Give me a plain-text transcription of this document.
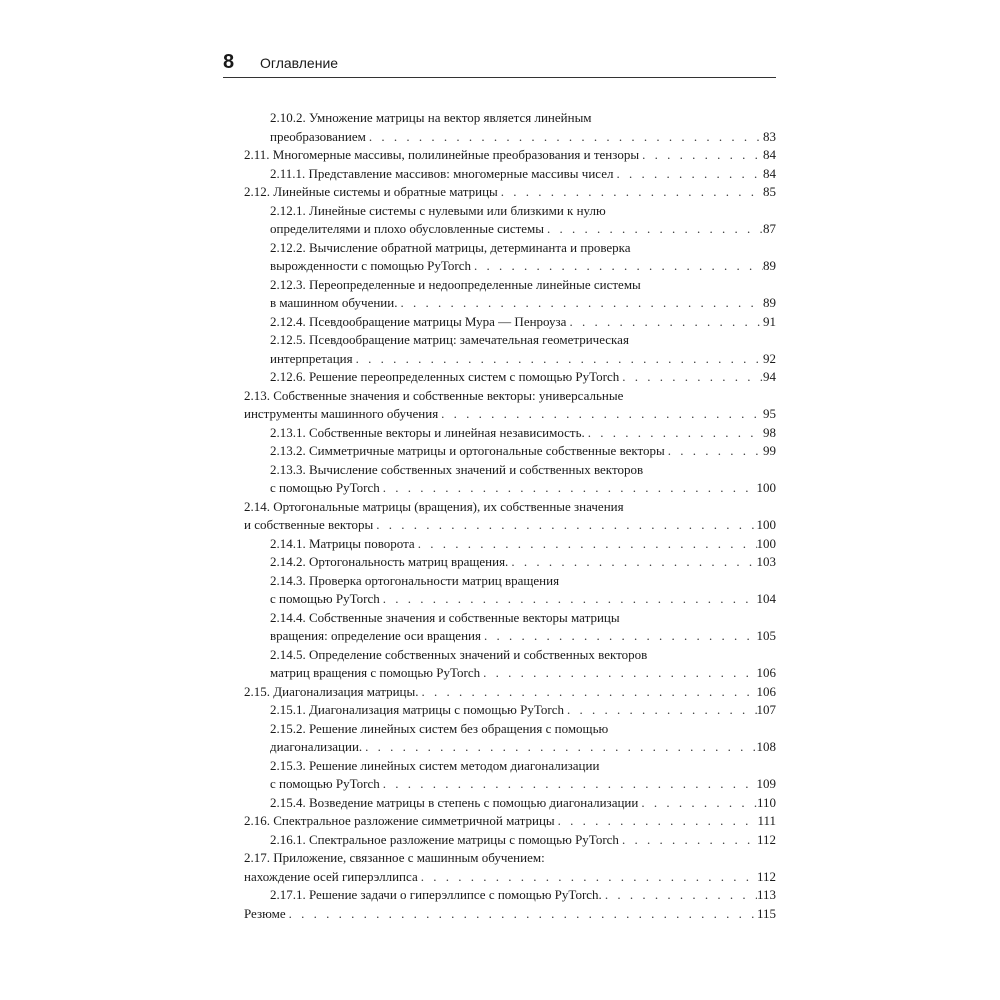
8 Оглавление
2.10.2. Умножение матрицы на вектор является линейным
преобразованием . . .	83
2.11. Многомерные массивы, полилинейные преобразования и тензоры . . .	84
2.11.1. Представление массивов: многомерные массивы чисел . . .	84
2.12. Линейные системы и обратные матрицы . . .	85
2.12.1. Линейные системы с нулевыми или близкими к нулю
определителями и плохо обусловленные системы . . .	87
2.12.2. Вычисление обратной матрицы, детерминанта и проверка
вырожденности с помощью PyTorch . . .	89
2.12.3. Переопределенные и недоопределенные линейные системы
в машинном обучении. . . .	89
2.12.4. Псевдообращение матрицы Мура — Пенроуза . . .	91
2.12.5. Псевдообращение матриц: замечательная геометрическая
интерпретация . . .	92
2.12.6. Решение переопределенных систем с помощью PyTorch . . .	94
2.13. Собственные значения и собственные векторы: универсальные
инструменты машинного обучения . . .	95
2.13.1. Собственные векторы и линейная независимость. . . .	98
2.13.2. Симметричные матрицы и ортогональные собственные векторы . . .	99
2.13.3. Вычисление собственных значений и собственных векторов
с помощью PyTorch . . .	100
2.14. Ортогональные матрицы (вращения), их собственные значения
и собственные векторы . . .	100
2.14.1. Матрицы поворота . . .	100
2.14.2. Ортогональность матриц вращения. . . .	103
2.14.3. Проверка ортогональности матриц вращения
с помощью PyTorch . . .	104
2.14.4. Собственные значения и собственные векторы матрицы
вращения: определение оси вращения . . .	105
2.14.5. Определение собственных значений и собственных векторов
матриц вращения с помощью PyTorch . . .	106
2.15. Диагонализация матрицы. . . .	106
2.15.1. Диагонализация матрицы с помощью PyTorch . . .	107
2.15.2. Решение линейных систем без обращения с помощью
диагонализации. . . .	108
2.15.3. Решение линейных систем методом диагонализации
с помощью PyTorch . . .	109
2.15.4. Возведение матрицы в степень с помощью диагонализации . . .	110
2.16. Спектральное разложение симметричной матрицы . . .	111
2.16.1. Спектральное разложение матрицы с помощью PyTorch . . .	112
2.17. Приложение, связанное с машинным обучением:
нахождение осей гиперэллипса . . .	112
2.17.1. Решение задачи о гиперэллипсе с помощью PyTorch. . . .	113
Резюме . . .	115
